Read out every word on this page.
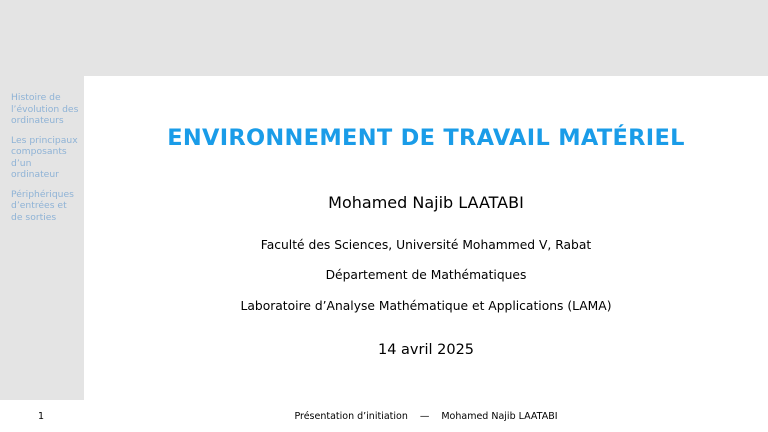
Histoire de l’évolution des ordinateurs
Les principaux composants d’un ordinateur
Périphériques d’entrées et de sorties
ENVIRONNEMENT DE TRAVAIL MATÉRIEL
Mohamed Najib LAATABI
Faculté des Sciences, Université Mohammed V, Rabat
Département de Mathématiques
Laboratoire d’Analyse Mathématique et Applications (LAMA)
14 avril 2025
1	Présentation d’initiation — Mohamed Najib LAATABI
